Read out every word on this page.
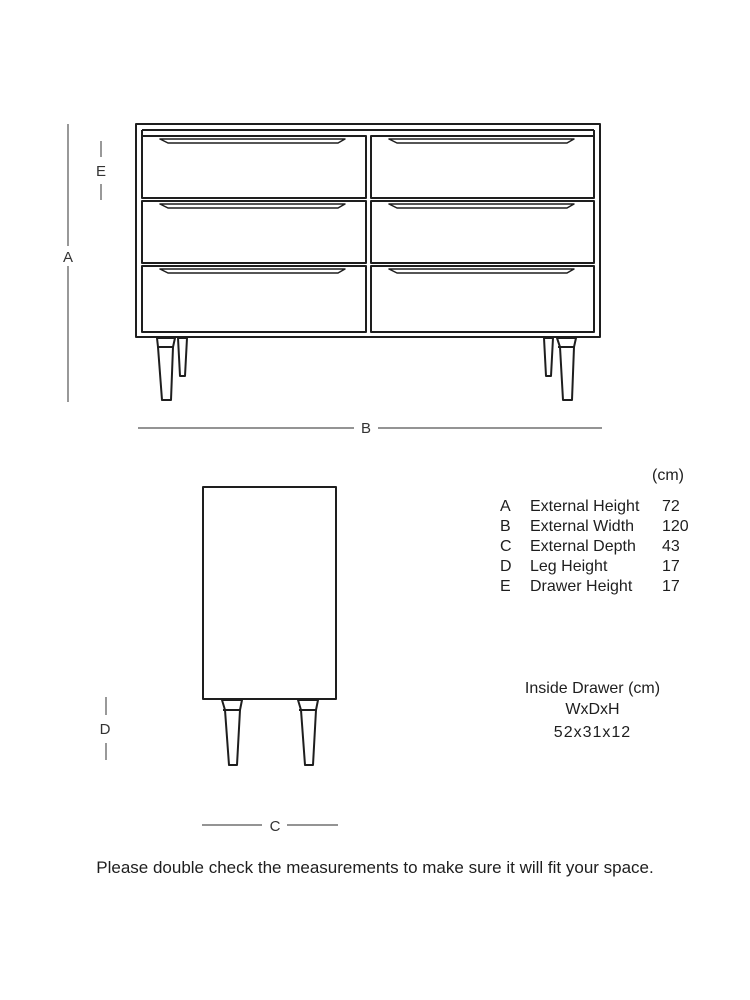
A
E
B
D
C
(cm)
A	External Height	72
B	External Width	120
C	External Depth	43
D	Leg Height	17
E	Drawer Height	17
Inside Drawer (cm)
WxDxH
52x31x12
Please double check the measurements to make sure it will fit your space.
